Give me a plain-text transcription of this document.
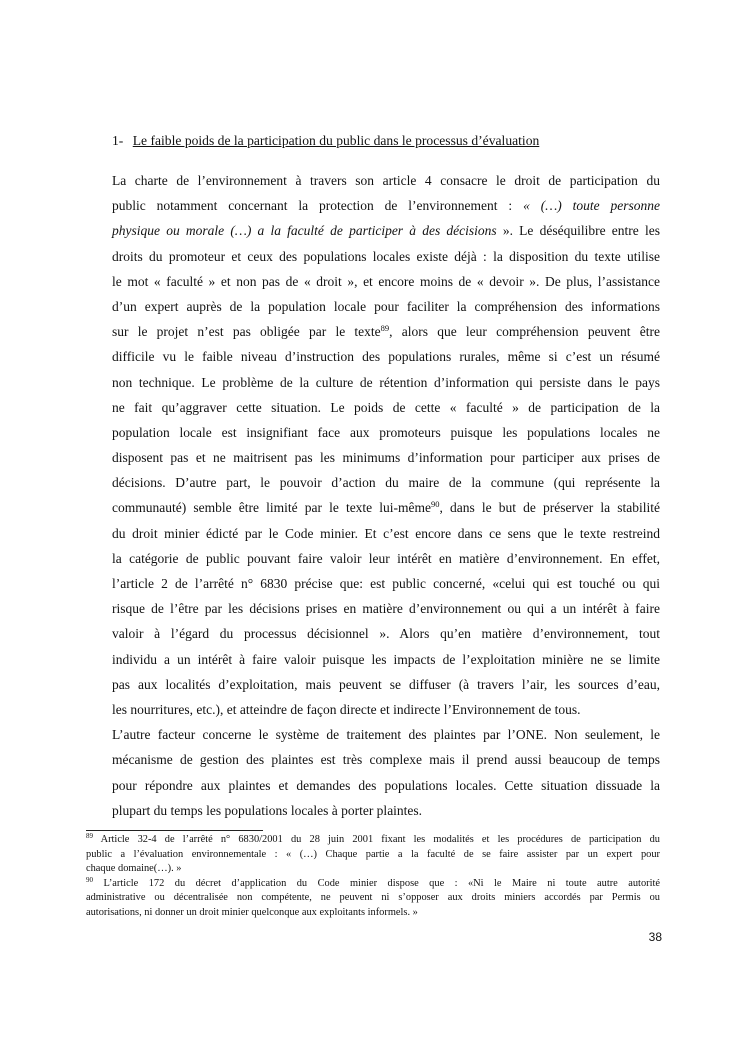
1- Le faible poids de la participation du public dans le processus d’évaluation
La charte de l’environnement à travers son article 4 consacre le droit de participation du
public notamment concernant la protection de l’environnement : « (…) toute personne
physique ou morale (…) a la faculté de participer à des décisions ». Le déséquilibre entre les
droits du promoteur et ceux des populations locales existe déjà : la disposition du texte utilise
le mot « faculté » et non pas de « droit », et encore moins de « devoir ». De plus, l’assistance
d’un expert auprès de la population locale pour faciliter la compréhension des informations
sur le projet n’est pas obligée par le texte$^{89}$, alors que leur compréhension peuvent être
difficile vu le faible niveau d’instruction des populations rurales, même si c’est un résumé
non technique. Le problème de la culture de rétention d’information qui persiste dans le pays
ne fait qu’aggraver cette situation. Le poids de cette « faculté » de participation de la
population locale est insignifiant face aux promoteurs puisque les populations locales ne
disposent pas et ne maitrisent pas les minimums d’information pour participer aux prises de
décisions. D’autre part, le pouvoir d’action du maire de la commune (qui représente la
communauté) semble être limité par le texte lui-même$^{90}$, dans le but de préserver la stabilité
du droit minier édicté par le Code minier. Et c’est encore dans ce sens que le texte restreind
la catégorie de public pouvant faire valoir leur intérêt en matière d’environnement. En effet,
l’article 2 de l’arrêté n° 6830 précise que: est public concerné, «celui qui est touché ou qui
risque de l’être par les décisions prises en matière d’environnement ou qui a un intérêt à faire
valoir à l’égard du processus décisionnel ». Alors qu’en matière d’environnement, tout
individu a un intérêt à faire valoir puisque les impacts de l’exploitation minière ne se limite
pas aux localités d’exploitation, mais peuvent se diffuser (à travers l’air, les sources d’eau,
les nourritures, etc.), et atteindre de façon directe et indirecte l’Environnement de tous.
L’autre facteur concerne le système de traitement des plaintes par l’ONE. Non seulement, le
mécanisme de gestion des plaintes est très complexe mais il prend aussi beaucoup de temps
pour répondre aux plaintes et demandes des populations locales. Cette situation dissuade la
plupart du temps les populations locales à porter plaintes.
$^{89}$ Article 32-4 de l’arrêté n° 6830/2001 du 28 juin 2001 fixant les modalités et les procédures de participation du
public a l’évaluation environnementale : « (…) Chaque partie a la faculté de se faire assister par un expert pour
chaque domaine(…). »
$^{90}$ L’article 172 du décret d’application du Code minier dispose que : «Ni le Maire ni toute autre autorité
administrative ou décentralisée non compétente, ne peuvent ni s’opposer aux droits miniers accordés par Permis ou
autorisations, ni donner un droit minier quelconque aux exploitants informels. »
38
